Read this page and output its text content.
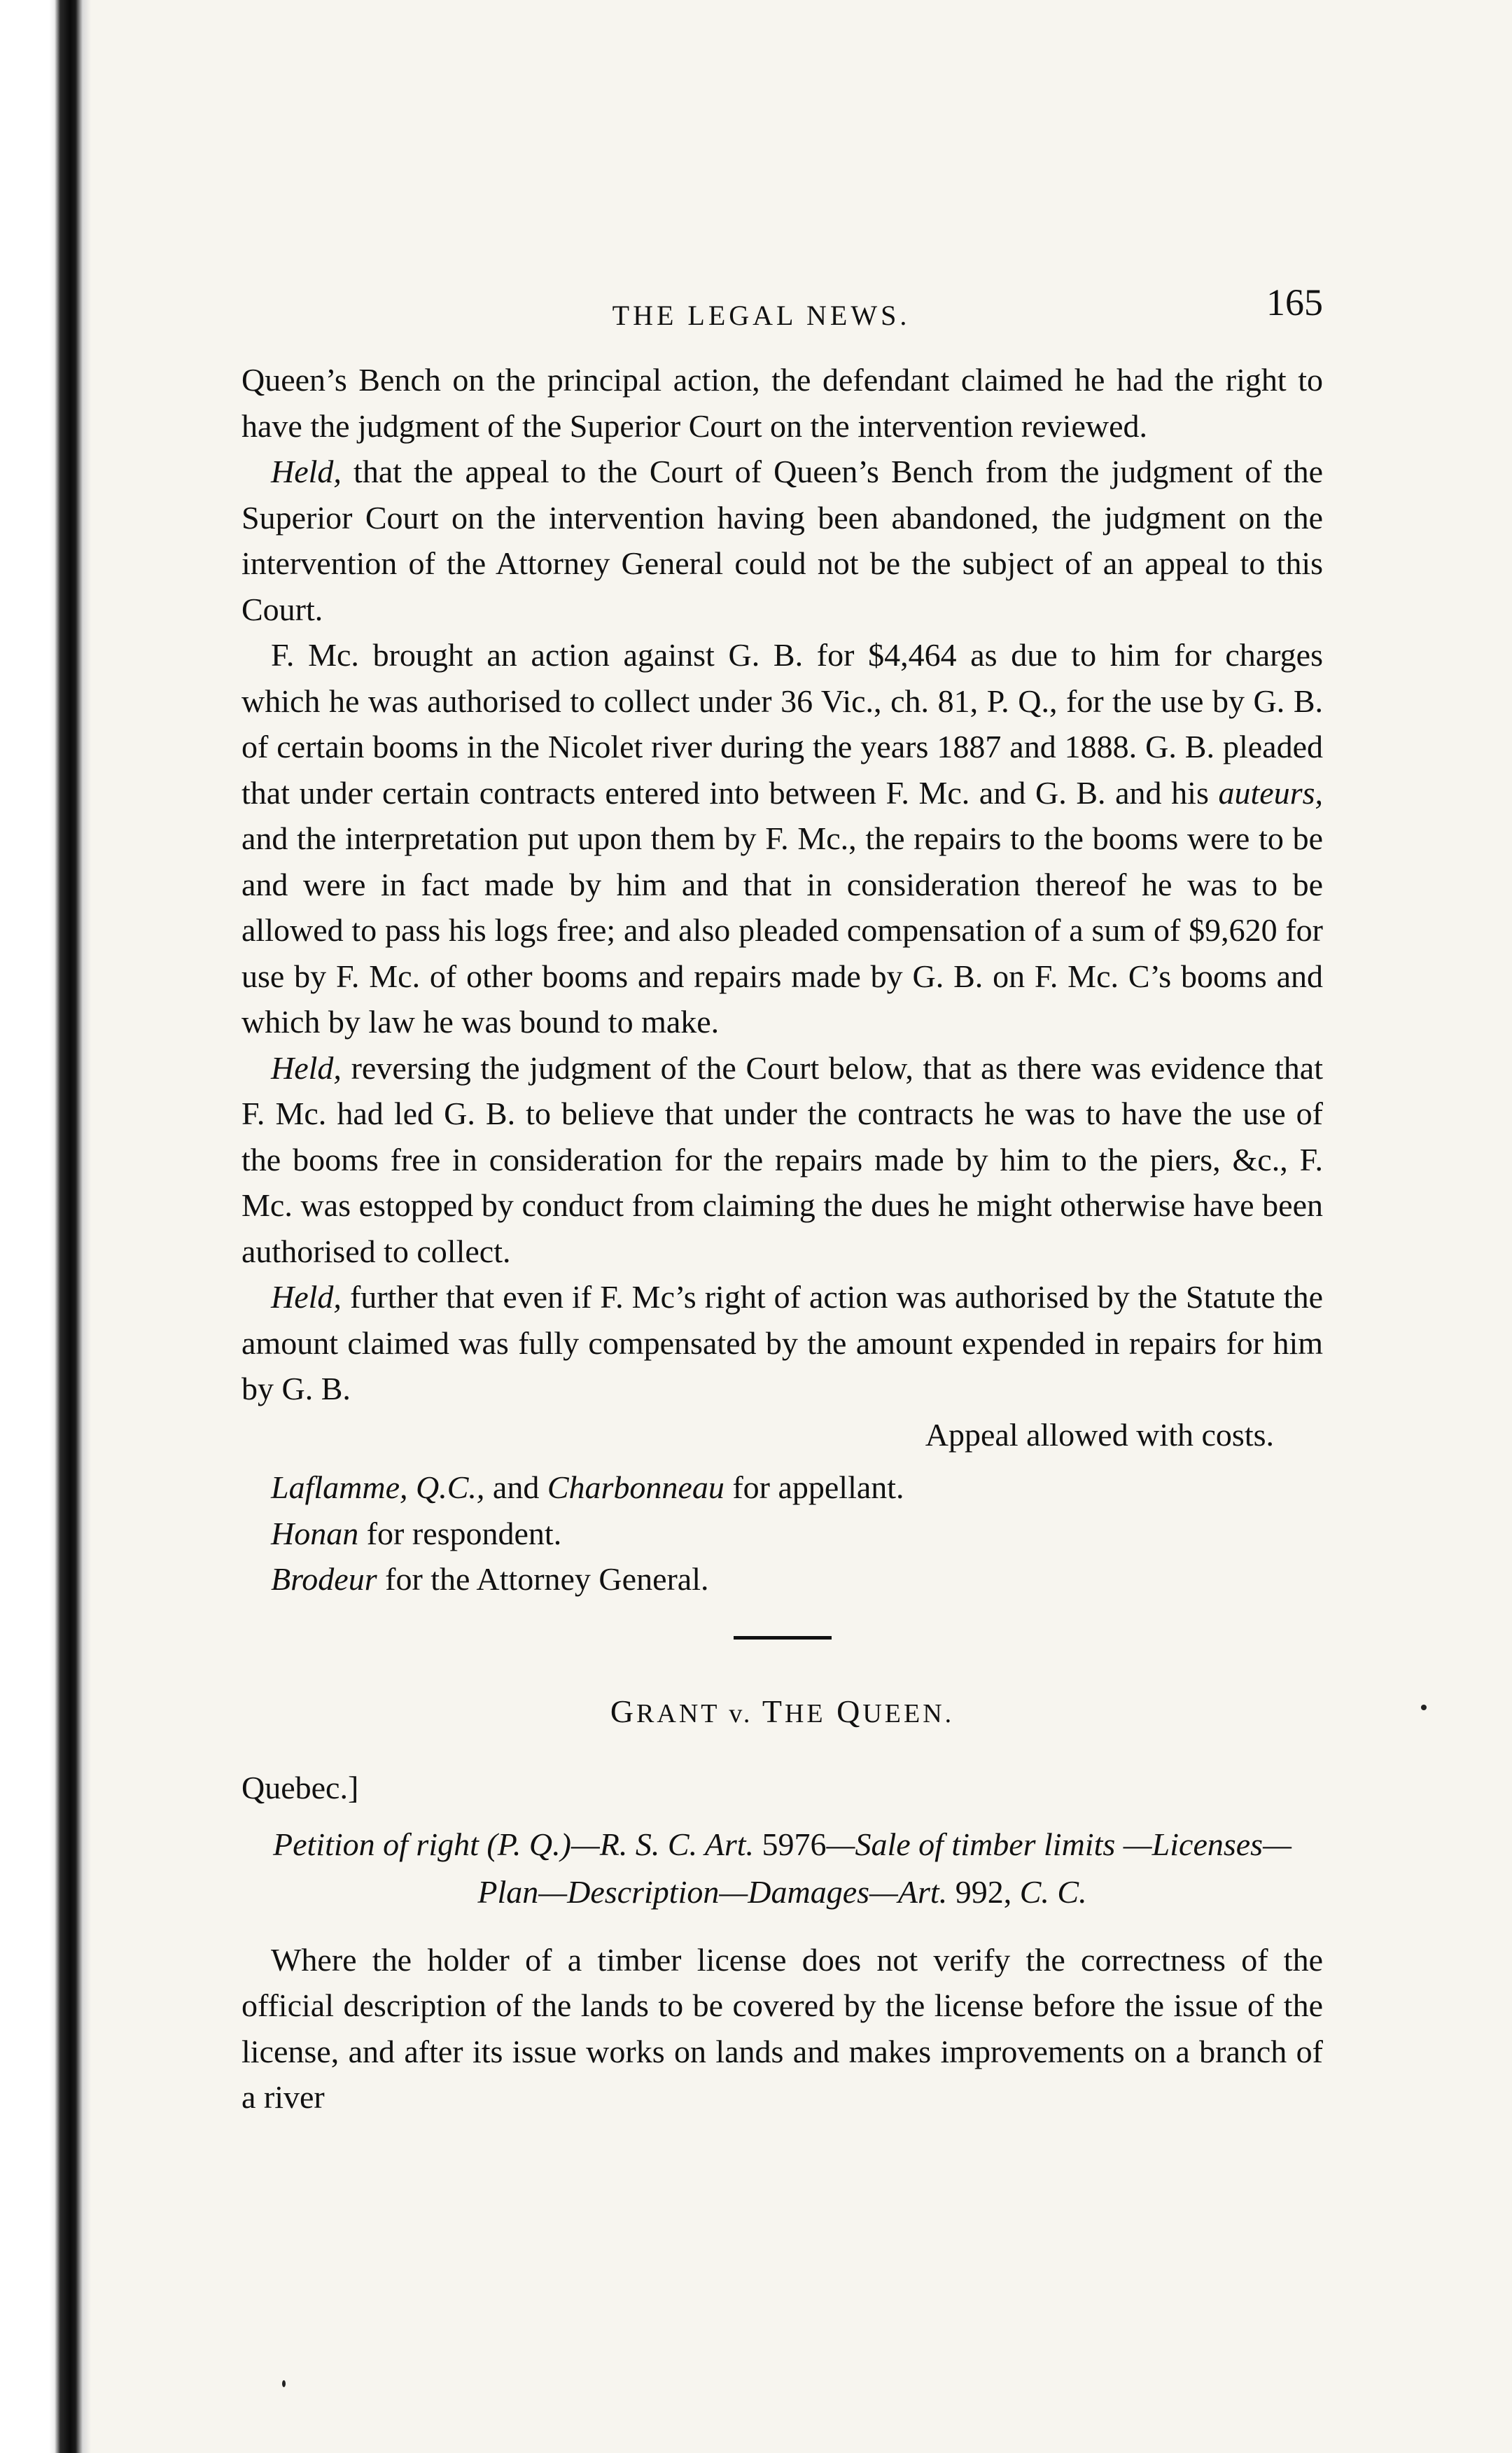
THE LEGAL NEWS.	165

Queen’s Bench on the principal action, the defendant claimed he had the right to have the judgment of the Superior Court on the intervention reviewed.

Held, that the appeal to the Court of Queen’s Bench from the judgment of the Superior Court on the intervention having been abandoned, the judgment on the intervention of the Attorney General could not be the subject of an appeal to this Court.

F. Mc. brought an action against G. B. for $4,464 as due to him for charges which he was authorised to collect under 36 Vic., ch. 81, P. Q., for the use by G. B. of certain booms in the Nicolet river during the years 1887 and 1888. G. B. pleaded that under certain contracts entered into between F. Mc. and G. B. and his auteurs, and the interpretation put upon them by F. Mc., the repairs to the booms were to be and were in fact made by him and that in consideration thereof he was to be allowed to pass his logs free; and also pleaded compensation of a sum of $9,620 for use by F. Mc. of other booms and repairs made by G. B. on F. Mc. C’s booms and which by law he was bound to make.

Held, reversing the judgment of the Court below, that as there was evidence that F. Mc. had led G. B. to believe that under the contracts he was to have the use of the booms free in consideration for the repairs made by him to the piers, &c., F. Mc. was estopped by conduct from claiming the dues he might otherwise have been authorised to collect.

Held, further that even if F. Mc’s right of action was authorised by the Statute the amount claimed was fully compensated by the amount expended in repairs for him by G. B.

Appeal allowed with costs.

Laflamme, Q.C., and Charbonneau for appellant.

Honan for respondent.

Brodeur for the Attorney General.

GRANT v. THE QUEEN.

Quebec.]

Petition of right (P. Q.)—R. S. C. Art. 5976—Sale of timber limits —Licenses—Plan—Description—Damages—Art. 992, C. C.

Where the holder of a timber license does not verify the correctness of the official description of the lands to be covered by the license before the issue of the license, and after its issue works on lands and makes improvements on a branch of a river
